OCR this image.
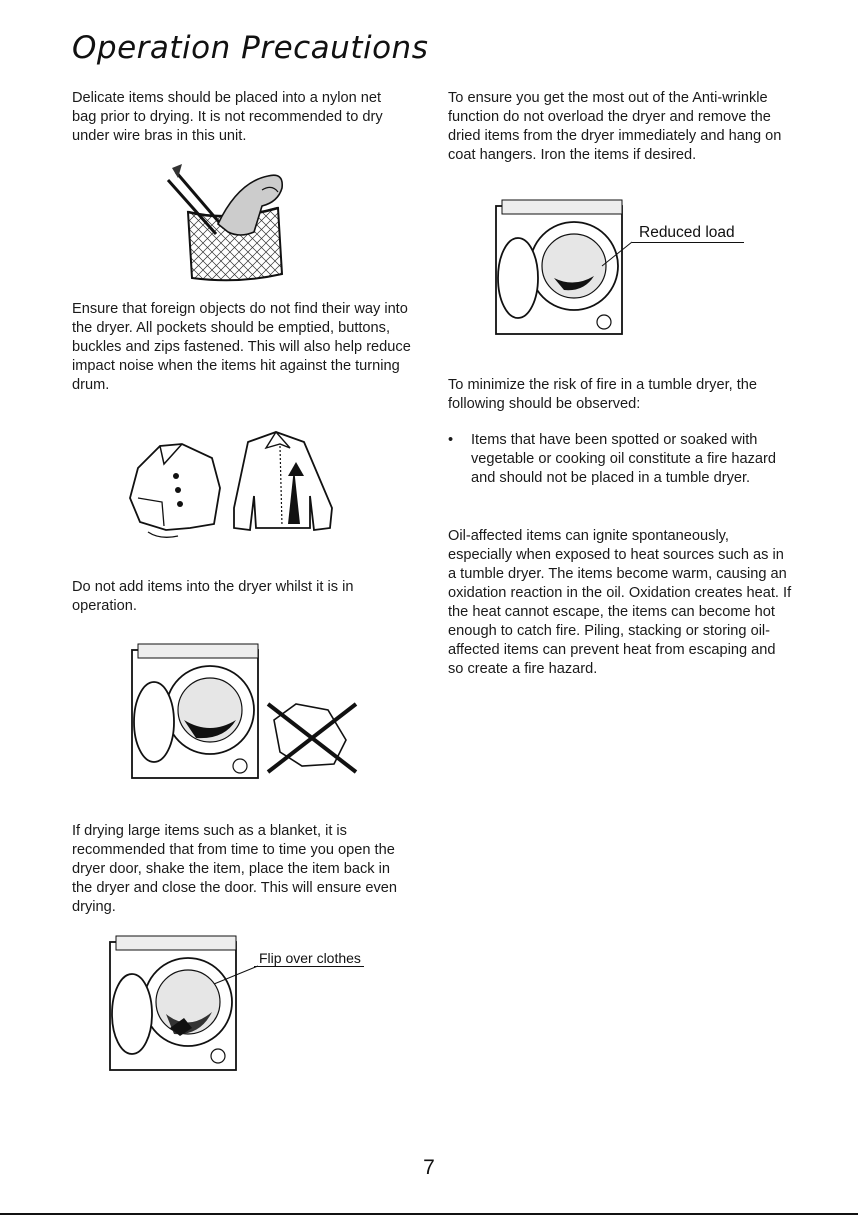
Operation Precautions

Delicate items should be placed into a nylon net bag prior to drying. It is not recommended to dry under wire bras in this unit.

Ensure that foreign objects do not find their way into the dryer. All pockets should be emptied, buttons, buckles and zips fastened. This will also help reduce impact noise when the items hit against the turning drum.

Do not add items into the dryer whilst it is in operation.

If drying large items such as a blanket, it is recommended that from time to time you open the dryer door, shake the item, place the item back in the dryer and close the door. This will ensure even drying.

Flip over clothes

To ensure you get the most out of the Anti-wrinkle function do not overload the dryer and remove the dried items from the dryer immediately and hang on coat hangers. Iron the items if desired.

Reduced load

To minimize the risk of fire in a tumble dryer, the following should be observed:

• Items that have been spotted or soaked with vegetable or cooking oil constitute a fire hazard and should not be placed in a tumble dryer.

Oil-affected items can ignite spontaneously, especially when exposed to heat sources such as in a tumble dryer. The items become warm, causing an oxidation reaction in the oil. Oxidation creates heat. If the heat cannot escape, the items can become hot enough to catch fire. Piling, stacking or storing oil-affected items can prevent heat from escaping and so create a fire hazard.

7
